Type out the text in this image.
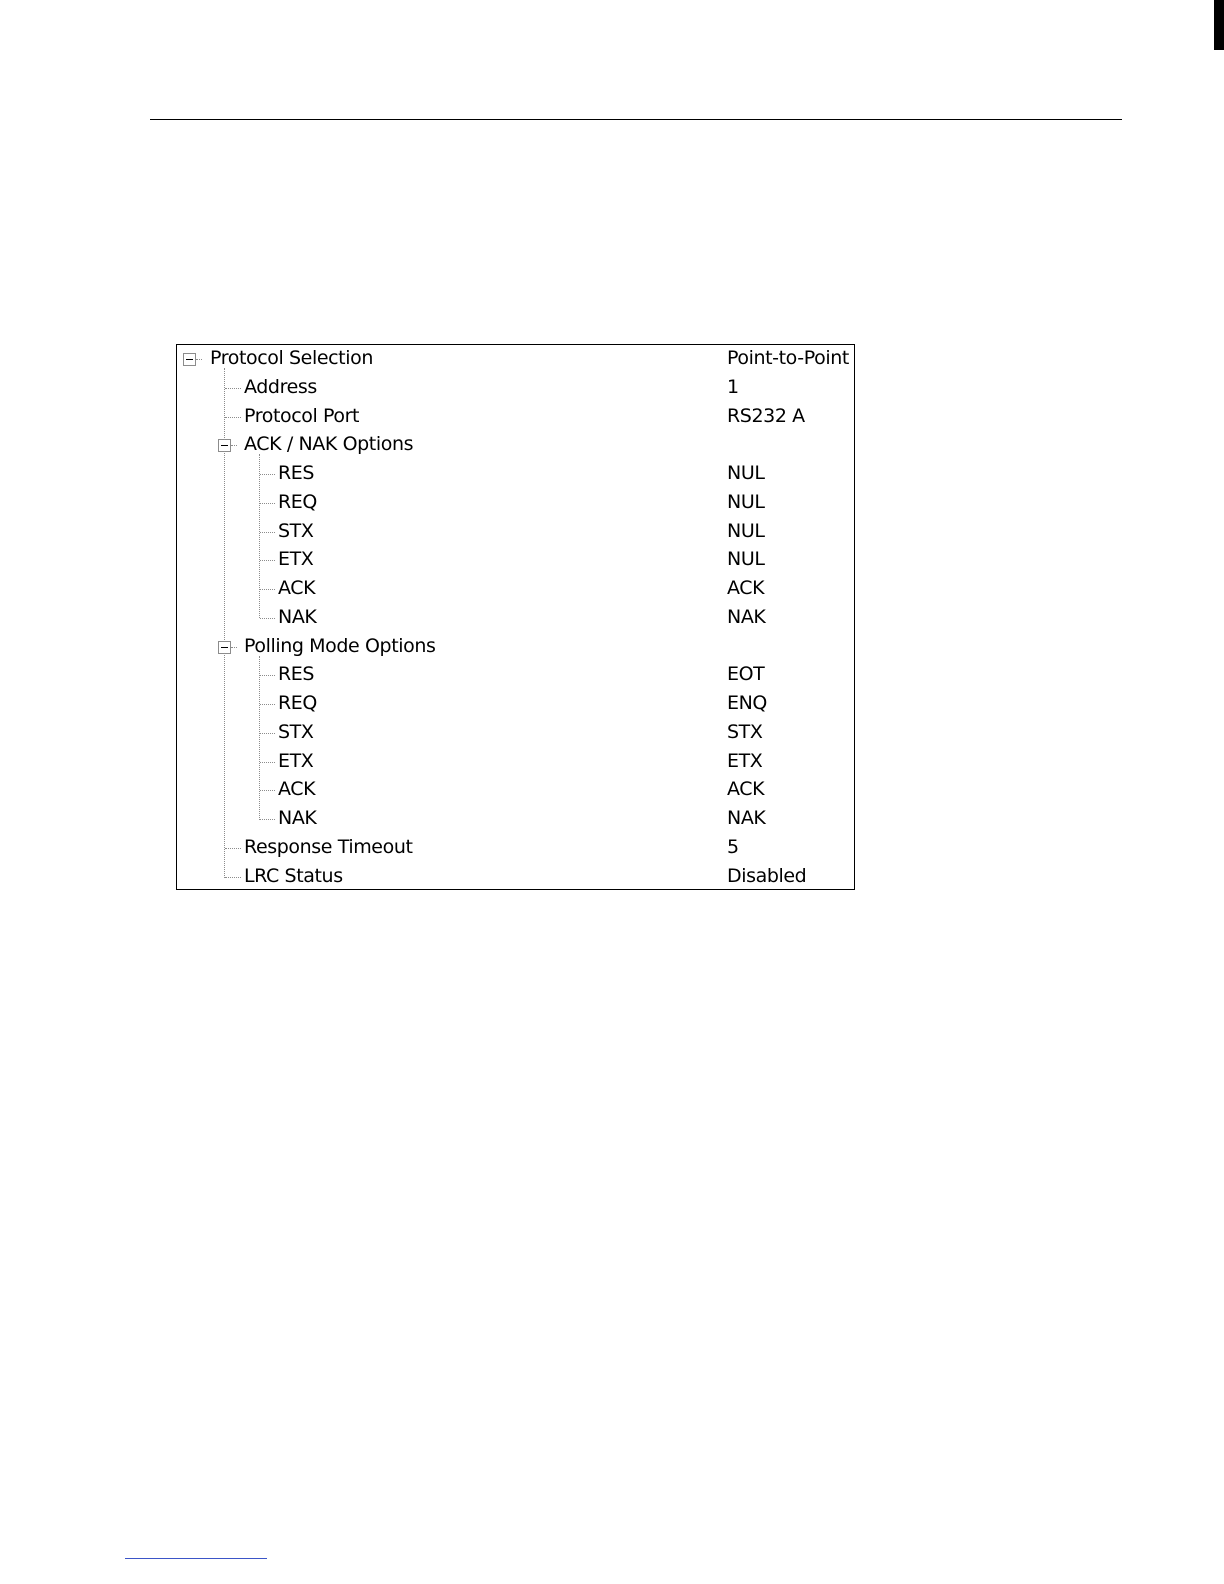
Protocol Selection	Point-to-Point
Address	1
Protocol Port	RS232 A
ACK / NAK Options
RES	NUL
REQ	NUL
STX	NUL
ETX	NUL
ACK	ACK
NAK	NAK
Polling Mode Options
RES	EOT
REQ	ENQ
STX	STX
ETX	ETX
ACK	ACK
NAK	NAK
Response Timeout	5
LRC Status	Disabled
